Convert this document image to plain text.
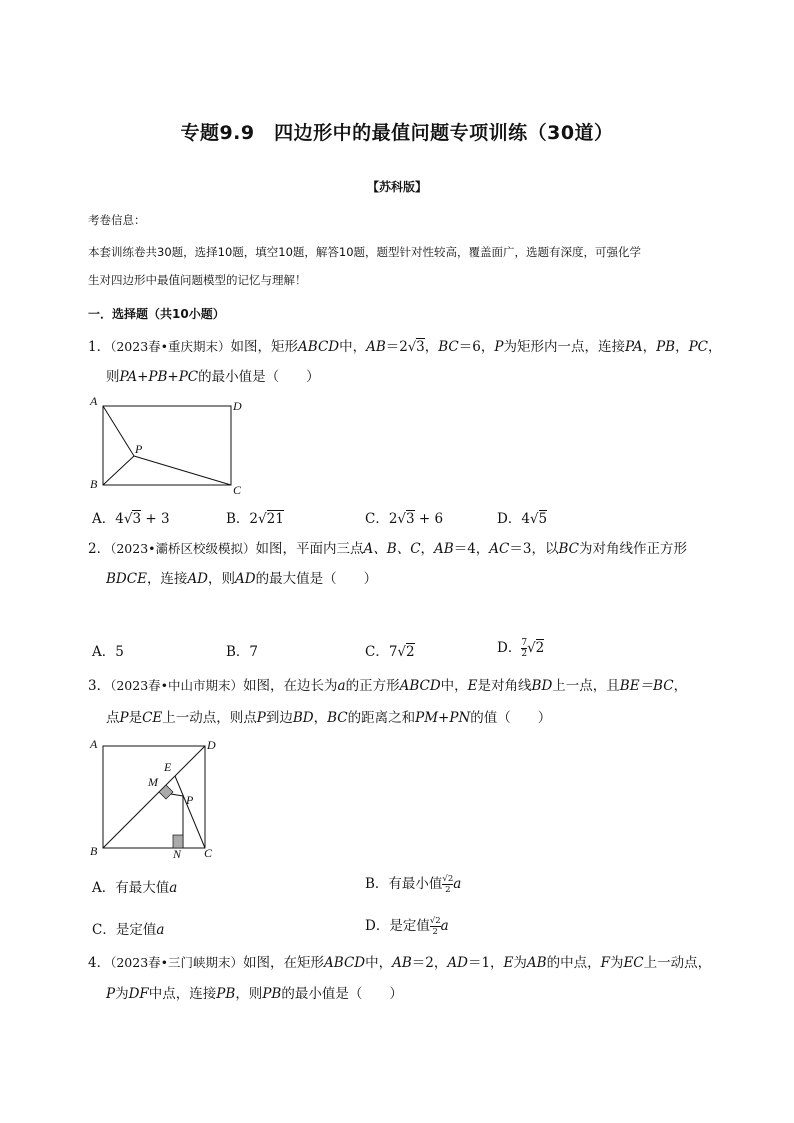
专题9.9　四边形中的最值问题专项训练（30道）
【苏科版】
考卷信息：
本套训练卷共30题，选择10题，填空10题，解答10题，题型针对性较高，覆盖面广，选题有深度，可强化学
生对四边形中最值问题模型的记忆与理解！
一．选择题（共10小题）
1．（2023春•重庆期末）如图，矩形ABCD中，AB＝2√3，BC＝6，P为矩形内一点，连接PA，PB，PC，
则PA+PB+PC的最小值是（　　）
A	D
B	C
P
A．4√3 + 3	B．2√21	C．2√3 + 6	D．4√5
2．（2023•灞桥区校级模拟）如图，平面内三点A、B、C，AB＝4，AC＝3，以BC为对角线作正方形
BDCE，连接AD，则AD的最大值是（　　）
A．5	B．7	C．7√2	D． $\frac{7}{2} √2$
3．（2023春•中山市期末）如图，在边长为a的正方形ABCD中，E是对角线BD上一点，且BE＝BC，
点P是CE上一动点，则点P到边BD，BC的距离之和PM+PN的值（　　）
A	D
B	C
E
M
P
N
A．有最大值a	B．有最小值 $\frac{√2}{2}$ a
C．是定值a	D．是定值 $\frac{√2}{2}$ a
4．（2023春•三门峡期末）如图，在矩形ABCD中，AB＝2，AD＝1，E为AB的中点，F为EC上一动点，
P为DF中点，连接PB，则PB的最小值是（　　）
